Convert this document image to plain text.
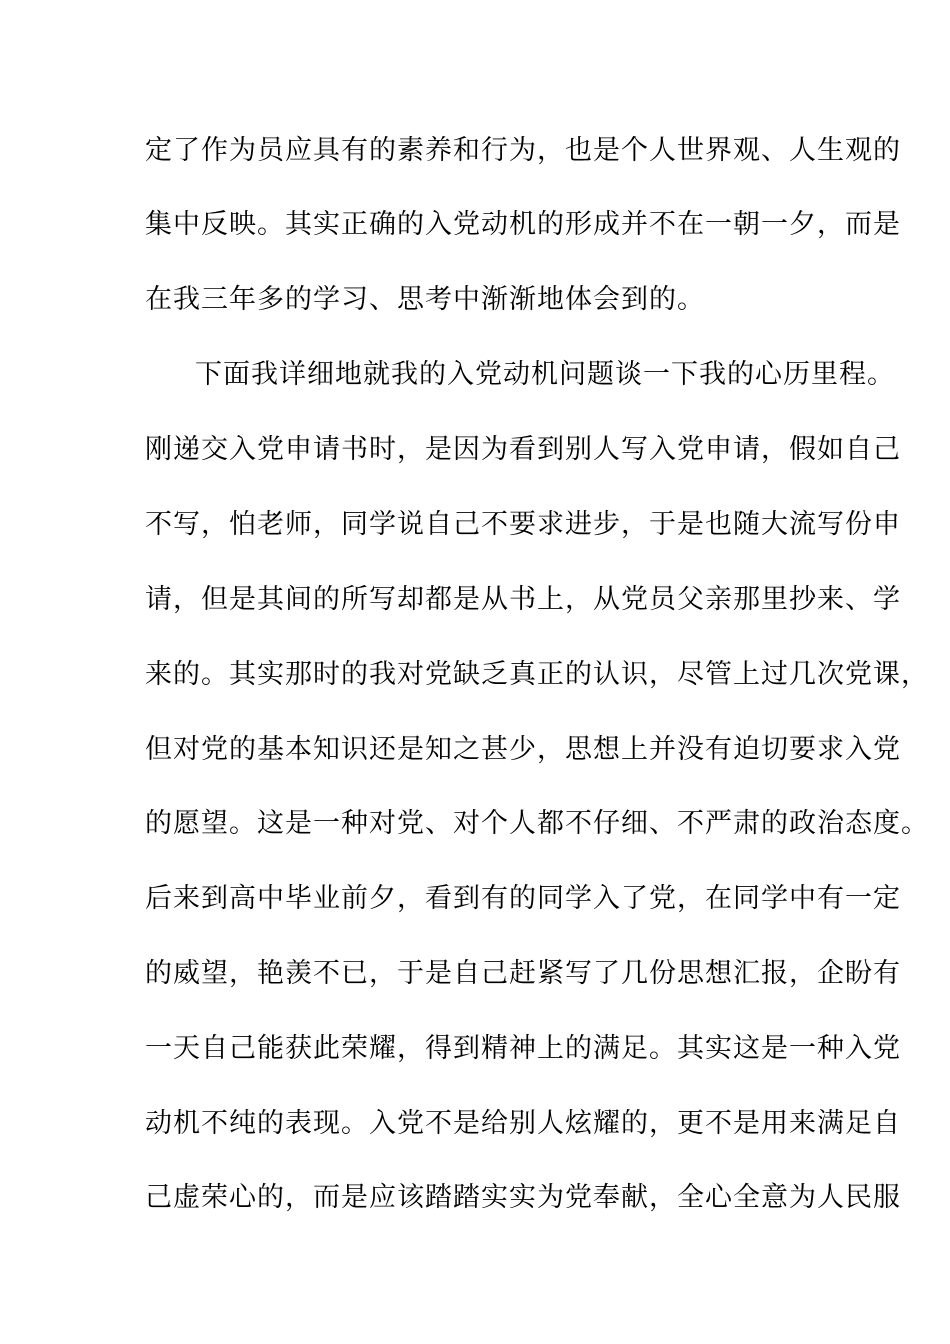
定了作为员应具有的素养和行为，也是个人世界观、人生观的
集中反映。其实正确的入党动机的形成并不在一朝一夕，而是
在我三年多的学习、思考中渐渐地体会到的。
下面我详细地就我的入党动机问题谈一下我的心历里程。
刚递交入党申请书时，是因为看到别人写入党申请，假如自己
不写，怕老师，同学说自己不要求进步，于是也随大流写份申
请，但是其间的所写却都是从书上，从党员父亲那里抄来、学
来的。其实那时的我对党缺乏真正的认识，尽管上过几次党课，
但对党的基本知识还是知之甚少，思想上并没有迫切要求入党
的愿望。这是一种对党、对个人都不仔细、不严肃的政治态度。
后来到高中毕业前夕，看到有的同学入了党，在同学中有一定
的威望，艳羡不已，于是自己赶紧写了几份思想汇报，企盼有
一天自己能获此荣耀，得到精神上的满足。其实这是一种入党
动机不纯的表现。入党不是给别人炫耀的，更不是用来满足自
己虚荣心的，而是应该踏踏实实为党奉献，全心全意为人民服
